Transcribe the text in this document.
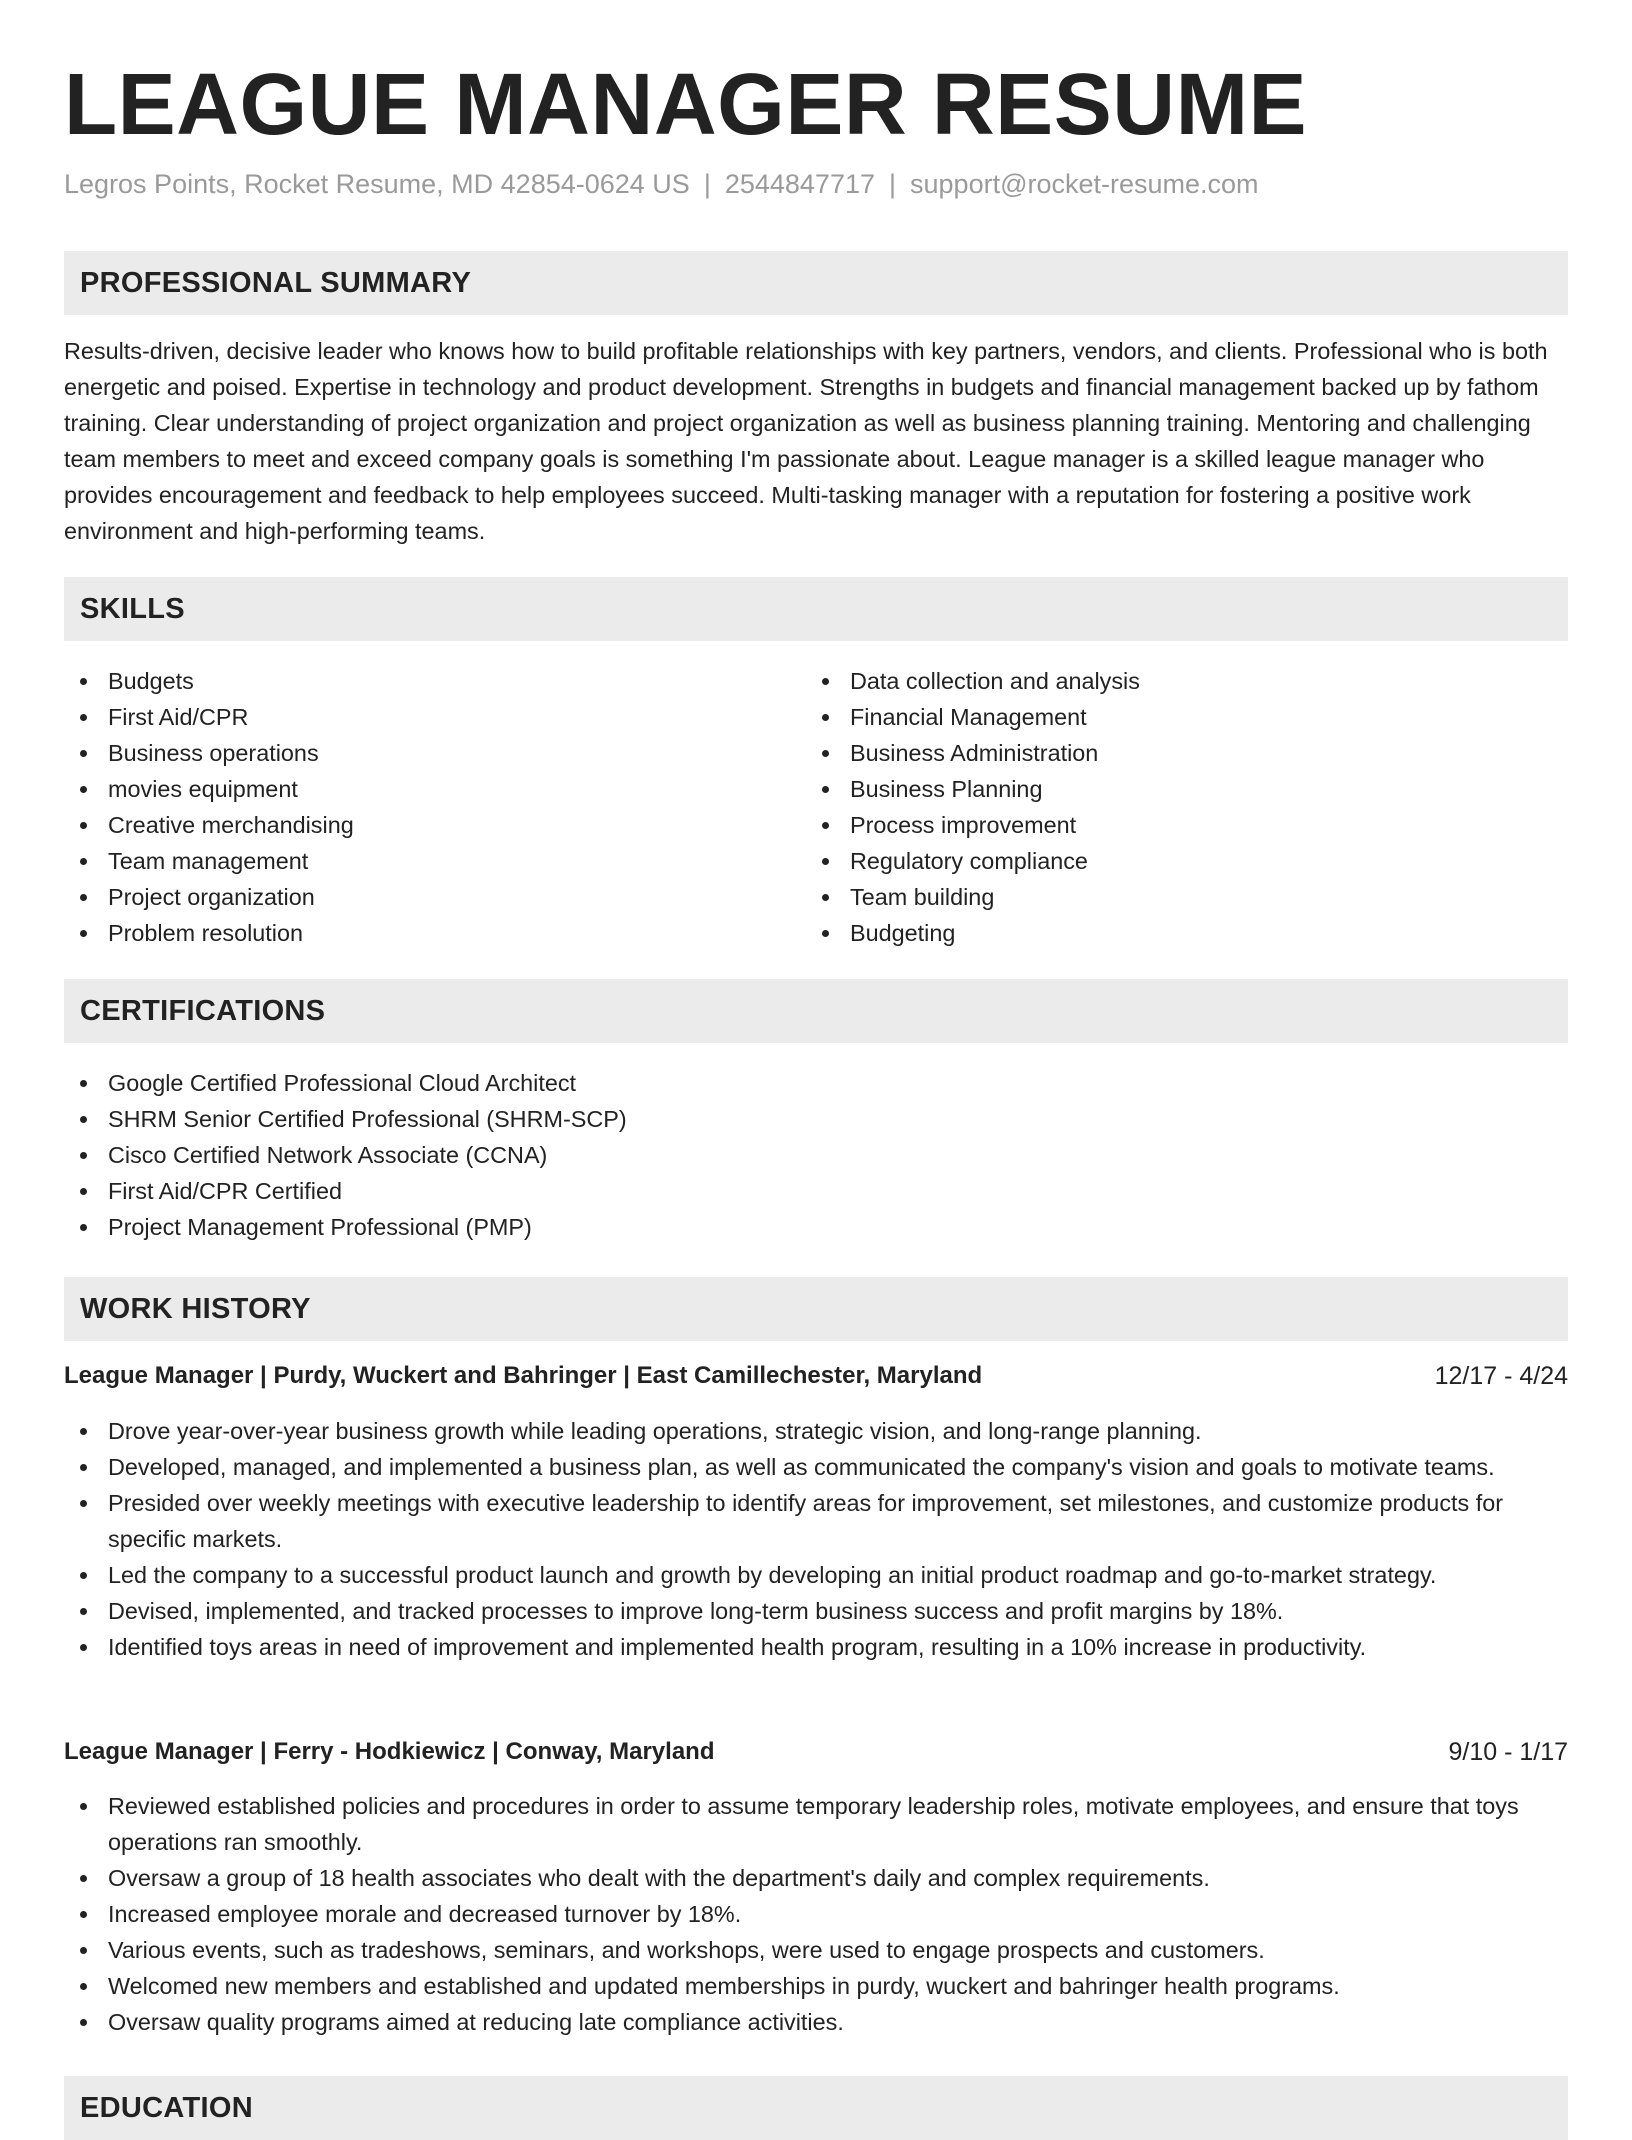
LEAGUE MANAGER RESUME
Legros Points, Rocket Resume, MD 42854-0624 US | 2544847717 | support@rocket-resume.com
PROFESSIONAL SUMMARY

Results-driven, decisive leader who knows how to build profitable relationships with key partners, vendors, and clients. Professional who is both energetic and poised. Expertise in technology and product development. Strengths in budgets and financial management backed up by fathom training. Clear understanding of project organization and project organization as well as business planning training. Mentoring and challenging team members to meet and exceed company goals is something I'm passionate about. League manager is a skilled league manager who provides encouragement and feedback to help employees succeed. Multi-tasking manager with a reputation for fostering a positive work environment and high-performing teams.

SKILLS
Budgets
First Aid/CPR
Business operations
movies equipment
Creative merchandising
Team management
Project organization
Problem resolution
Data collection and analysis
Financial Management
Business Administration
Business Planning
Process improvement
Regulatory compliance
Team building
Budgeting
CERTIFICATIONS
Google Certified Professional Cloud Architect
SHRM Senior Certified Professional (SHRM-SCP)
Cisco Certified Network Associate (CCNA)
First Aid/CPR Certified
Project Management Professional (PMP)
WORK HISTORY
League Manager | Purdy, Wuckert and Bahringer | East Camillechester, Maryland	12/17 - 4/24
Drove year-over-year business growth while leading operations, strategic vision, and long-range planning.
Developed, managed, and implemented a business plan, as well as communicated the company's vision and goals to motivate teams.
Presided over weekly meetings with executive leadership to identify areas for improvement, set milestones, and customize products for specific markets.
Led the company to a successful product launch and growth by developing an initial product roadmap and go-to-market strategy.
Devised, implemented, and tracked processes to improve long-term business success and profit margins by 18%.
Identified toys areas in need of improvement and implemented health program, resulting in a 10% increase in productivity.
League Manager | Ferry - Hodkiewicz | Conway, Maryland	9/10 - 1/17
Reviewed established policies and procedures in order to assume temporary leadership roles, motivate employees, and ensure that toys operations ran smoothly.
Oversaw a group of 18 health associates who dealt with the department's daily and complex requirements.
Increased employee morale and decreased turnover by 18%.
Various events, such as tradeshows, seminars, and workshops, were used to engage prospects and customers.
Welcomed new members and established and updated memberships in purdy, wuckert and bahringer health programs.
Oversaw quality programs aimed at reducing late compliance activities.
EDUCATION
